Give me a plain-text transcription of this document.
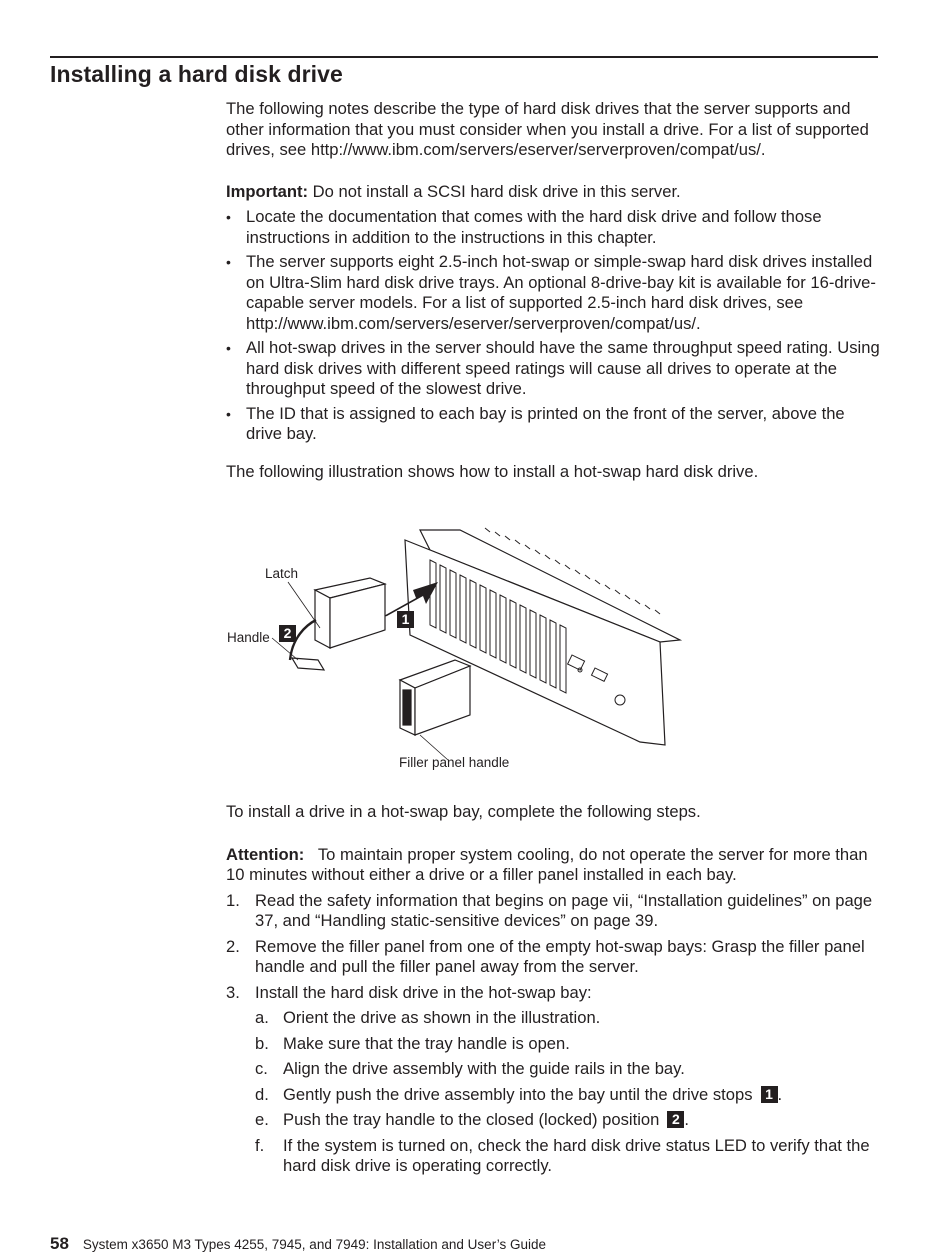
Installing a hard disk drive

The following notes describe the type of hard disk drives that the server supports and other information that you must consider when you install a drive. For a list of supported drives, see http://www.ibm.com/servers/eserver/serverproven/compat/us/.

Important: Do not install a SCSI hard disk drive in this server.

• Locate the documentation that comes with the hard disk drive and follow those instructions in addition to the instructions in this chapter.
• The server supports eight 2.5-inch hot-swap or simple-swap hard disk drives installed on Ultra-Slim hard disk drive trays. An optional 8-drive-bay kit is available for 16-drive-capable server models. For a list of supported 2.5-inch hard disk drives, see http://www.ibm.com/servers/eserver/serverproven/compat/us/.
• All hot-swap drives in the server should have the same throughput speed rating. Using hard disk drives with different speed ratings will cause all drives to operate at the throughput speed of the slowest drive.
• The ID that is assigned to each bay is printed on the front of the server, above the drive bay.

The following illustration shows how to install a hot-swap hard disk drive.

Latch
Handle
Filler panel handle
2
1

To install a drive in a hot-swap bay, complete the following steps.

Attention: To maintain proper system cooling, do not operate the server for more than 10 minutes without either a drive or a filler panel installed in each bay.

1. Read the safety information that begins on page vii, “Installation guidelines” on page 37, and “Handling static-sensitive devices” on page 39.
2. Remove the filler panel from one of the empty hot-swap bays: Grasp the filler panel handle and pull the filler panel away from the server.
3. Install the hard disk drive in the hot-swap bay:
a. Orient the drive as shown in the illustration.
b. Make sure that the tray handle is open.
c. Align the drive assembly with the guide rails in the bay.
d. Gently push the drive assembly into the bay until the drive stops 1 .
e. Push the tray handle to the closed (locked) position 2 .
f. If the system is turned on, check the hard disk drive status LED to verify that the hard disk drive is operating correctly.
58 System x3650 M3 Types 4255, 7945, and 7949: Installation and User’s Guide
